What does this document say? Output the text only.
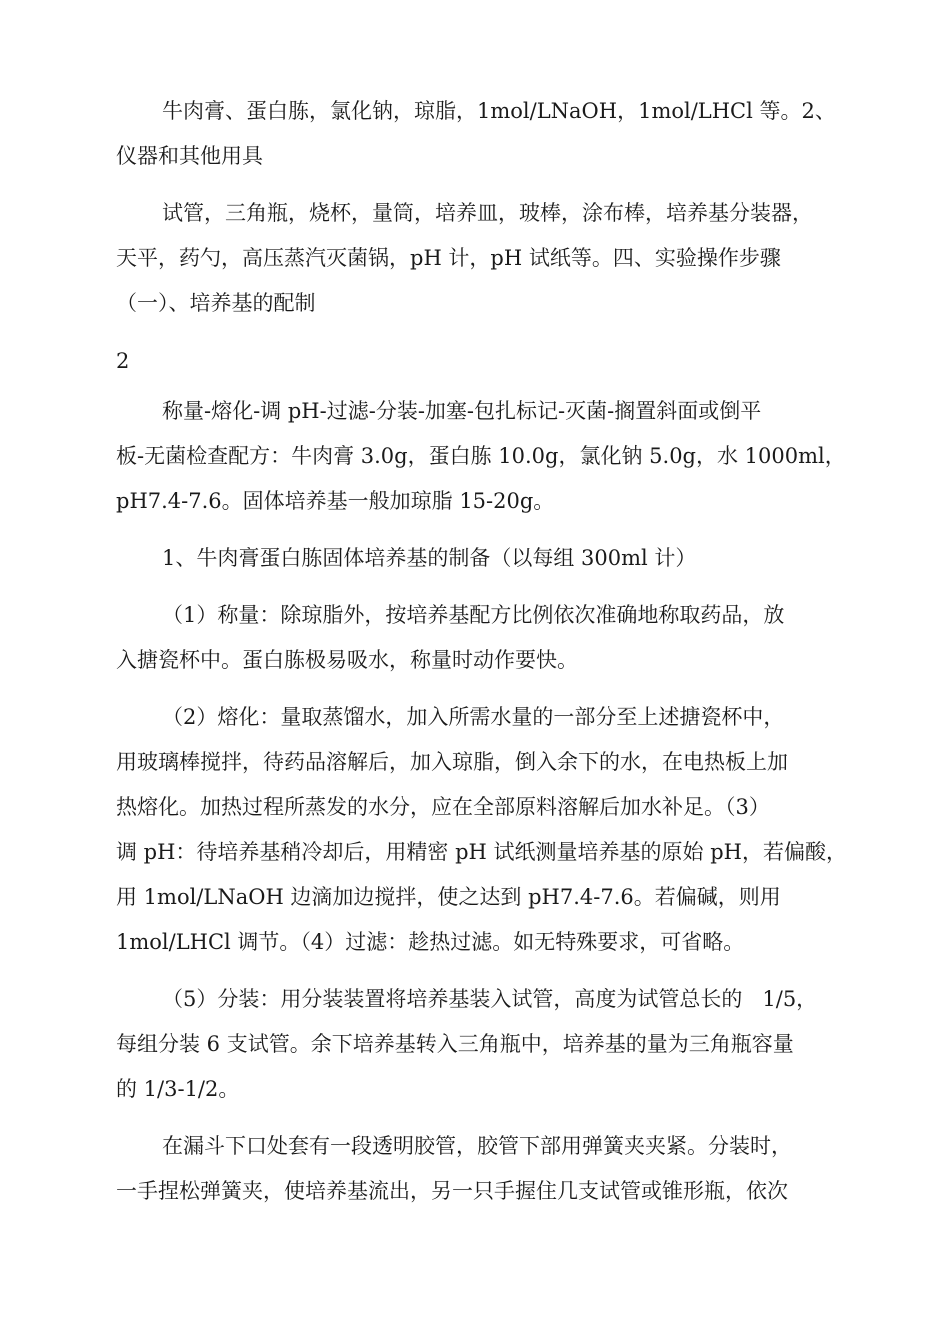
牛肉膏、蛋白胨，氯化钠，琼脂，1mol/LNaOH，1mol/LHCl 等。2、
仪器和其他用具
试管，三角瓶，烧杯，量筒，培养皿，玻棒，涂布棒，培养基分装器，
天平，药勺，高压蒸汽灭菌锅，pH 计，pH 试纸等。四、实验操作步骤
（一）、培养基的配制
2
称量-熔化-调 pH-过滤-分装-加塞-包扎标记-灭菌-搁置斜面或倒平
板-无菌检查配方：牛肉膏 3.0g，蛋白胨 10.0g，氯化钠 5.0g，水 1000ml，
pH7.4-7.6。固体培养基一般加琼脂 15-20g。
1、牛肉膏蛋白胨固体培养基的制备（以每组 300ml 计）
（1）称量：除琼脂外，按培养基配方比例依次准确地称取药品，放
入搪瓷杯中。蛋白胨极易吸水，称量时动作要快。
（2）熔化：量取蒸馏水，加入所需水量的一部分至上述搪瓷杯中，
用玻璃棒搅拌，待药品溶解后，加入琼脂，倒入余下的水，在电热板上加
热熔化。加热过程所蒸发的水分，应在全部原料溶解后加水补足。（3）
调 pH：待培养基稍冷却后，用精密 pH 试纸测量培养基的原始 pH，若偏酸，
用 1mol/LNaOH 边滴加边搅拌，使之达到 pH7.4-7.6。若偏碱，则用
1mol/LHCl 调节。（4）过滤：趁热过滤。如无特殊要求，可省略。
（5）分装：用分装装置将培养基装入试管，高度为试管总长的   1/5，
每组分装 6 支试管。余下培养基转入三角瓶中，培养基的量为三角瓶容量
的 1/3-1/2。
在漏斗下口处套有一段透明胶管，胶管下部用弹簧夹夹紧。分装时，
一手捏松弹簧夹，使培养基流出，另一只手握住几支试管或锥形瓶，依次
